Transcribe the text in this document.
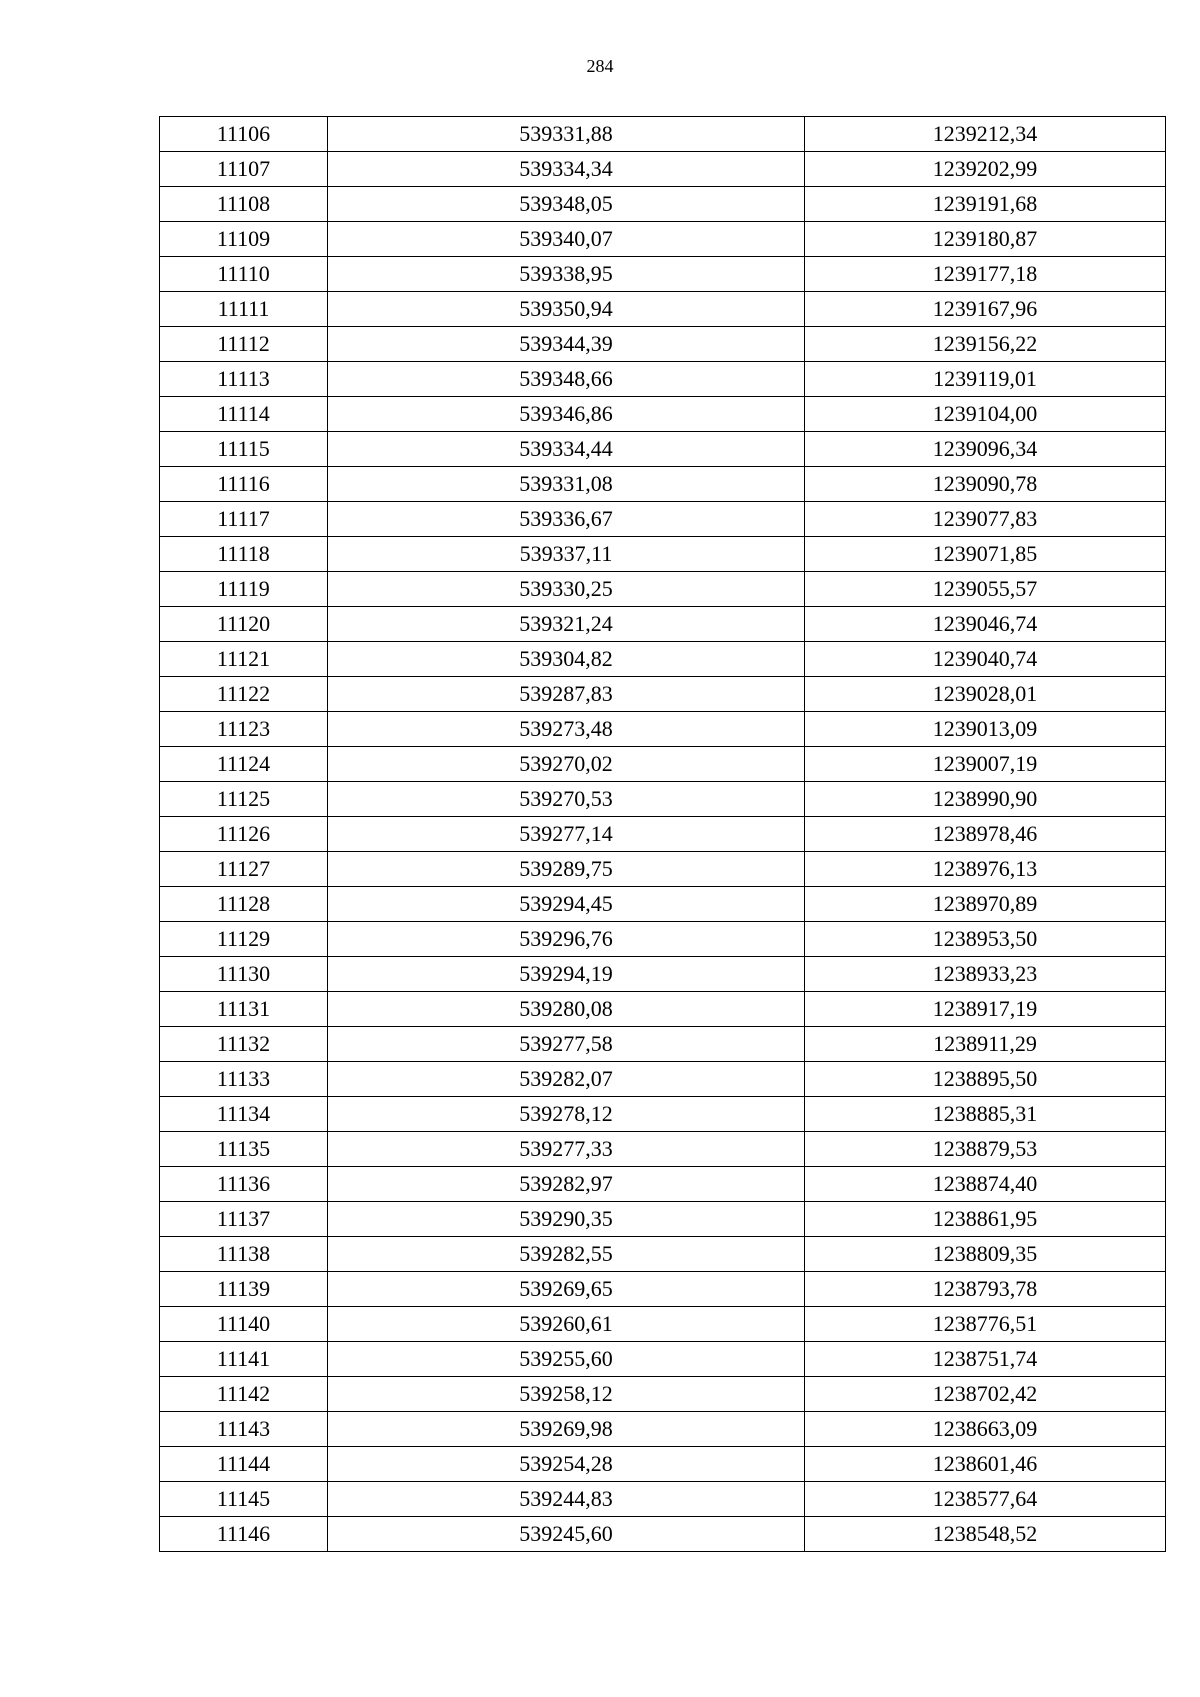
284
11106	539331,88	1239212,34
11107	539334,34	1239202,99
11108	539348,05	1239191,68
11109	539340,07	1239180,87
11110	539338,95	1239177,18
11111	539350,94	1239167,96
11112	539344,39	1239156,22
11113	539348,66	1239119,01
11114	539346,86	1239104,00
11115	539334,44	1239096,34
11116	539331,08	1239090,78
11117	539336,67	1239077,83
11118	539337,11	1239071,85
11119	539330,25	1239055,57
11120	539321,24	1239046,74
11121	539304,82	1239040,74
11122	539287,83	1239028,01
11123	539273,48	1239013,09
11124	539270,02	1239007,19
11125	539270,53	1238990,90
11126	539277,14	1238978,46
11127	539289,75	1238976,13
11128	539294,45	1238970,89
11129	539296,76	1238953,50
11130	539294,19	1238933,23
11131	539280,08	1238917,19
11132	539277,58	1238911,29
11133	539282,07	1238895,50
11134	539278,12	1238885,31
11135	539277,33	1238879,53
11136	539282,97	1238874,40
11137	539290,35	1238861,95
11138	539282,55	1238809,35
11139	539269,65	1238793,78
11140	539260,61	1238776,51
11141	539255,60	1238751,74
11142	539258,12	1238702,42
11143	539269,98	1238663,09
11144	539254,28	1238601,46
11145	539244,83	1238577,64
11146	539245,60	1238548,52
